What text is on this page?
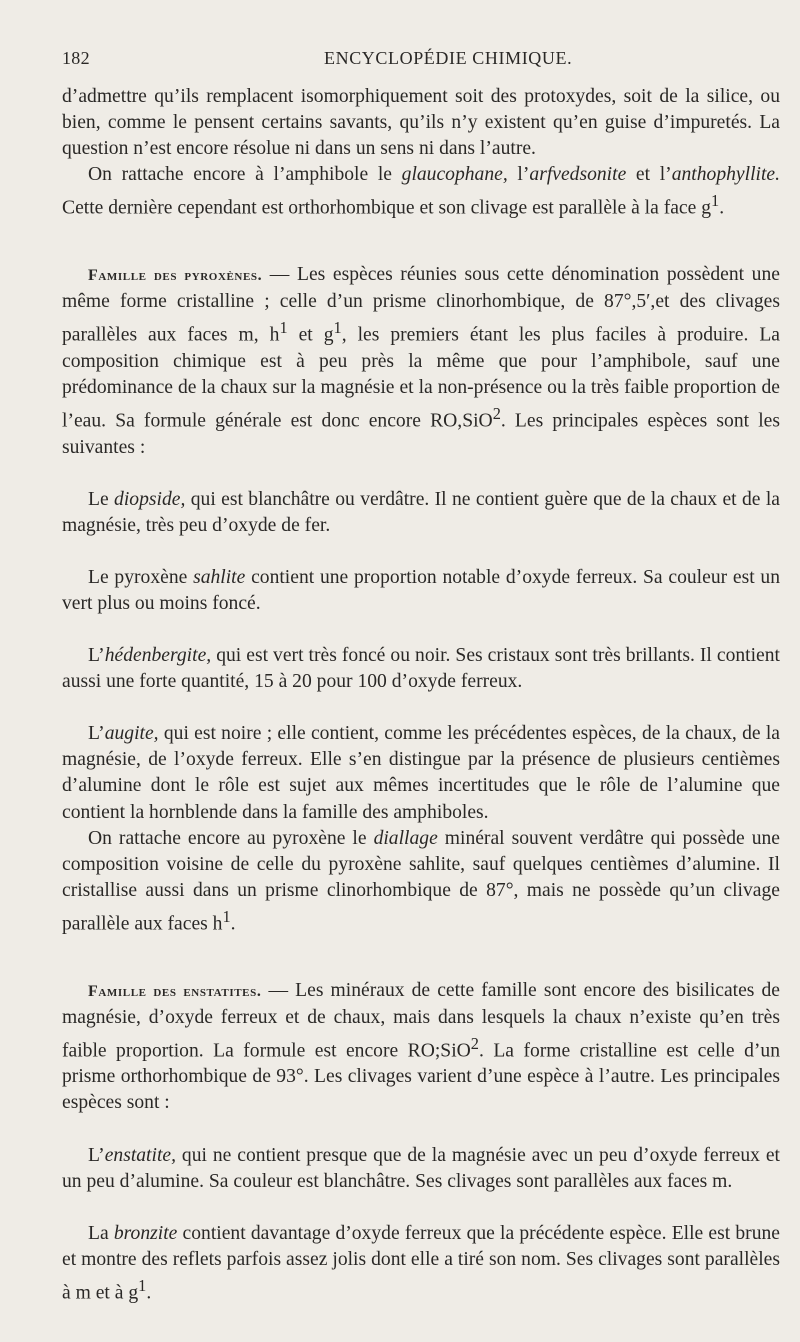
182	ENCYCLOPÉDIE CHIMIQUE.

d’admettre qu’ils remplacent isomorphiquement soit des protoxydes, soit de la silice, ou bien, comme le pensent certains savants, qu’ils n’y existent qu’en guise d’impuretés. La question n’est encore résolue ni dans un sens ni dans l’autre.

On rattache encore à l’amphibole le glaucophane, l’arfvedsonite et l’anthophyllite. Cette dernière cependant est orthorhombique et son clivage est parallèle à la face $g^1$.

Famille des pyroxènes. — Les espèces réunies sous cette dénomination possèdent une même forme cristalline ; celle d’un prisme clinorhombique, de 87°,5′,et des clivages parallèles aux faces m, $h^1$ et $g^1$, les premiers étant les plus faciles à produire. La composition chimique est à peu près la même que pour l’amphibole, sauf une prédominance de la chaux sur la magnésie et la non-présence ou la très faible proportion de l’eau. Sa formule générale est donc encore RO,SiO$^2$. Les principales espèces sont les suivantes :

Le diopside, qui est blanchâtre ou verdâtre. Il ne contient guère que de la chaux et de la magnésie, très peu d’oxyde de fer.

Le pyroxène sahlite contient une proportion notable d’oxyde ferreux. Sa couleur est un vert plus ou moins foncé.

L’hédenbergite, qui est vert très foncé ou noir. Ses cristaux sont très brillants. Il contient aussi une forte quantité, 15 à 20 pour 100 d’oxyde ferreux.

L’augite, qui est noire ; elle contient, comme les précédentes espèces, de la chaux, de la magnésie, de l’oxyde ferreux. Elle s’en distingue par la présence de plusieurs centièmes d’alumine dont le rôle est sujet aux mêmes incertitudes que le rôle de l’alumine que contient la hornblende dans la famille des amphiboles.

On rattache encore au pyroxène le diallage minéral souvent verdâtre qui possède une composition voisine de celle du pyroxène sahlite, sauf quelques centièmes d’alumine. Il cristallise aussi dans un prisme clinorhombique de 87°, mais ne possède qu’un clivage parallèle aux faces $h^1$.

Famille des enstatites. — Les minéraux de cette famille sont encore des bisilicates de magnésie, d’oxyde ferreux et de chaux, mais dans lesquels la chaux n’existe qu’en très faible proportion. La formule est encore RO;SiO$^2$. La forme cristalline est celle d’un prisme orthorhombique de 93°. Les clivages varient d’une espèce à l’autre. Les principales espèces sont :

L’enstatite, qui ne contient presque que de la magnésie avec un peu d’oxyde ferreux et un peu d’alumine. Sa couleur est blanchâtre. Ses clivages sont parallèles aux faces m.

La bronzite contient davantage d’oxyde ferreux que la précédente espèce. Elle est brune et montre des reflets parfois assez jolis dont elle a tiré son nom. Ses clivages sont parallèles à m et à $g^1$.
